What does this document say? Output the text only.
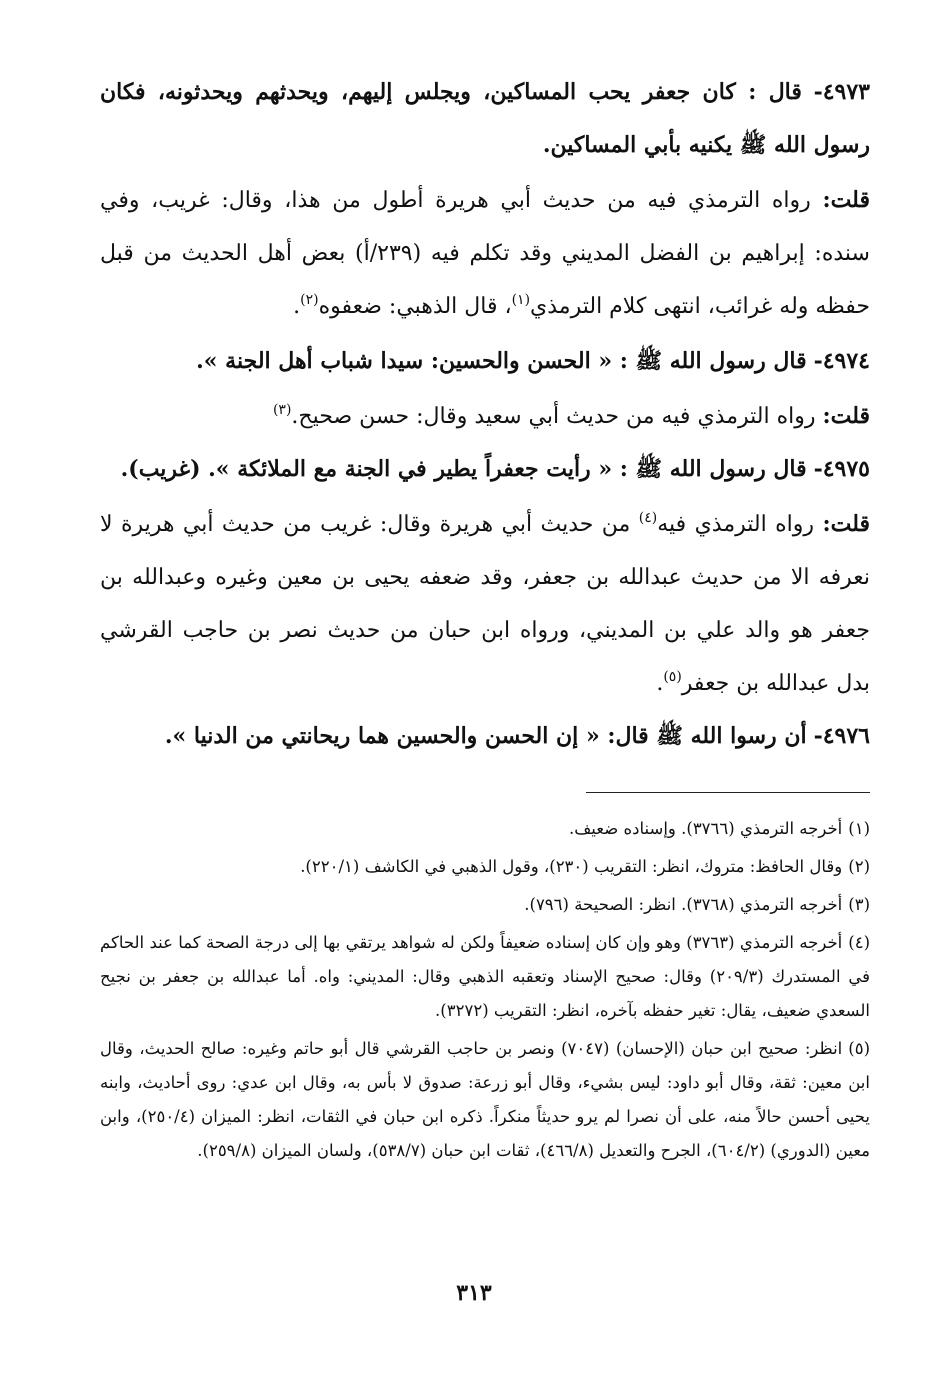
٤٩٧٣- قال : كان جعفر يحب المساكين، ويجلس إليهم، ويحدثهم ويحدثونه، فكان رسول الله ﷺ يكنيه بأبي المساكين.

قلت: رواه الترمذي فيه من حديث أبي هريرة أطول من هذا، وقال: غريب، وفي سنده: إبراهيم بن الفضل المديني وقد تكلم فيه (٢٣٩/أ) بعض أهل الحديث من قبل حفظه وله غرائب، انتهى كلام الترمذي$^{(١)}$، قال الذهبي: ضعفوه$^{(٢)}$.

٤٩٧٤- قال رسول الله ﷺ : « الحسن والحسين: سيدا شباب أهل الجنة ».

قلت: رواه الترمذي فيه من حديث أبي سعيد وقال: حسن صحيح.$^{(٣)}$

٤٩٧٥- قال رسول الله ﷺ : « رأيت جعفراً يطير في الجنة مع الملائكة ». (غريب).

قلت: رواه الترمذي فيه$^{(٤)}$ من حديث أبي هريرة وقال: غريب من حديث أبي هريرة لا نعرفه الا من حديث عبدالله بن جعفر، وقد ضعفه يحيى بن معين وغيره وعبدالله بن جعفر هو والد علي بن المديني، ورواه ابن حبان من حديث نصر بن حاجب القرشي بدل عبدالله بن جعفر$^{(٥)}$.

٤٩٧٦- أن رسوا الله ﷺ قال: « إن الحسن والحسين هما ريحانتي من الدنيا ».

(١)أخرجه الترمذي (٣٧٦٦). وإسناده ضعيف.

(٢)وقال الحافظ: متروك، انظر: التقريب (٢٣٠)، وقول الذهبي في الكاشف (٢٢٠/١).

(٣)أخرجه الترمذي (٣٧٦٨). انظر: الصحيحة (٧٩٦).

(٤)أخرجه الترمذي (٣٧٦٣) وهو وإن كان إسناده ضعيفاً ولكن له شواهد يرتقي بها إلى درجة الصحة كما عند الحاكم في المستدرك (٢٠٩/٣) وقال: صحيح الإسناد وتعقبه الذهبي وقال: المديني: واه. أما عبدالله بن جعفر بن نجيح السعدي ضعيف، يقال: تغير حفظه بآخره، انظر: التقريب (٣٢٧٢).

(٥)انظر: صحيح ابن حبان (الإحسان) (٧٠٤٧) ونصر بن حاجب القرشي قال أبو حاتم وغيره: صالح الحديث، وقال ابن معين: ثقة، وقال أبو داود: ليس بشيء، وقال أبو زرعة: صدوق لا بأس به، وقال ابن عدي: روى أحاديث، وابنه يحيى أحسن حالاً منه، على أن نصرا لم يرو حديثاً منكراً. ذكره ابن حبان في الثقات، انظر: الميزان (٢٥٠/٤)، وابن معين (الدوري) (٦٠٤/٢)، الجرح والتعديل (٤٦٦/٨)، ثقات ابن حبان (٥٣٨/٧)، ولسان الميزان (٢٥٩/٨).

٣١٣
